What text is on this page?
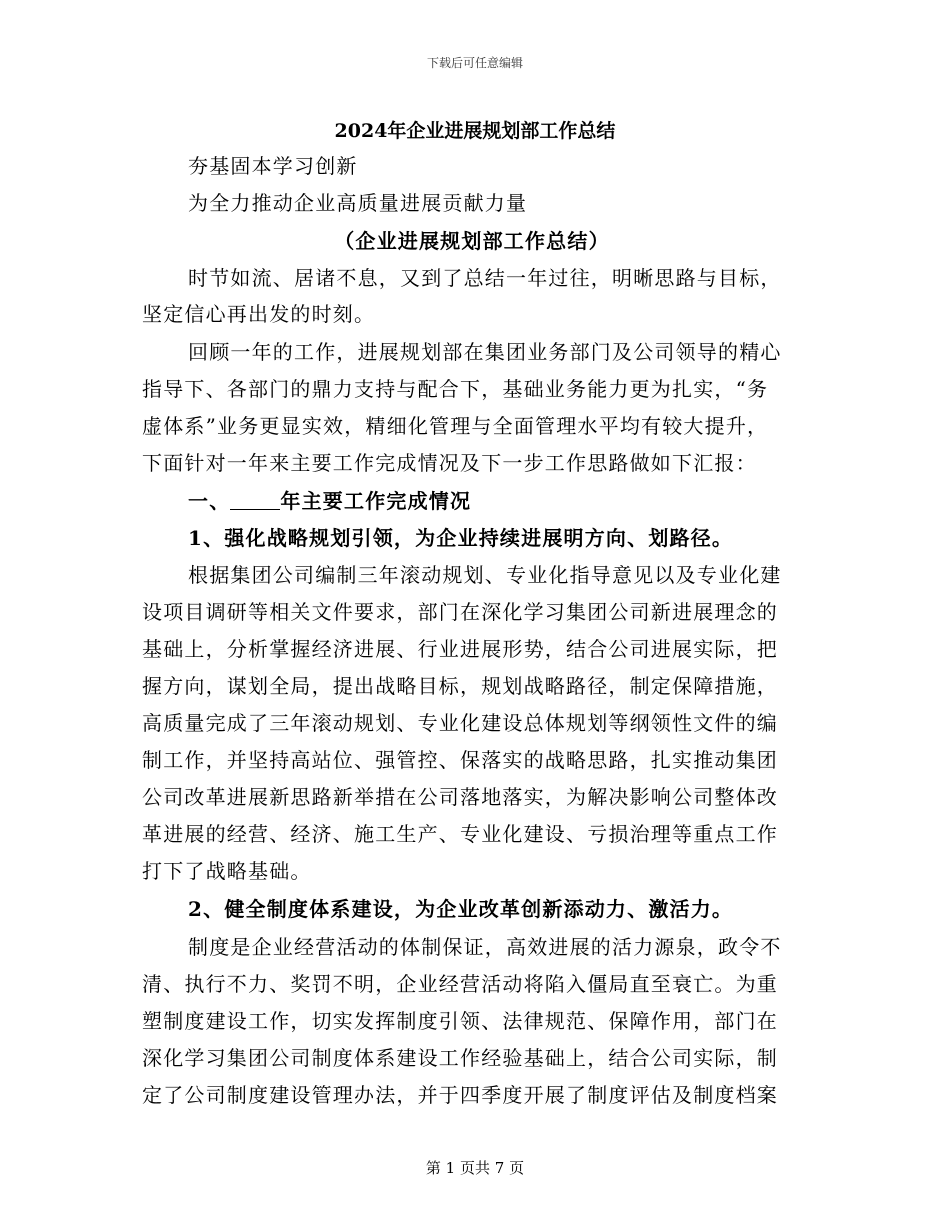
下载后可任意编辑
2024年企业进展规划部工作总结
夯基固本学习创新
为全力推动企业高质量进展贡献力量
（企业进展规划部工作总结）
时节如流、居诸不息，又到了总结一年过往，明晰思路与目标，
坚定信心再出发的时刻。
回顾一年的工作，进展规划部在集团业务部门及公司领导的精心
指导下、各部门的鼎力支持与配合下，基础业务能力更为扎实，“务
虚体系”业务更显实效，精细化管理与全面管理水平均有较大提升，
下面针对一年来主要工作完成情况及下一步工作思路做如下汇报：
一、	年主要工作完成情况
1、强化战略规划引领，为企业持续进展明方向、划路径。
根据集团公司编制三年滚动规划、专业化指导意见以及专业化建
设项目调研等相关文件要求，部门在深化学习集团公司新进展理念的
基础上，分析掌握经济进展、行业进展形势，结合公司进展实际，把
握方向，谋划全局，提出战略目标，规划战略路径，制定保障措施，
高质量完成了三年滚动规划、专业化建设总体规划等纲领性文件的编
制工作，并坚持高站位、强管控、保落实的战略思路，扎实推动集团
公司改革进展新思路新举措在公司落地落实，为解决影响公司整体改
革进展的经营、经济、施工生产、专业化建设、亏损治理等重点工作
打下了战略基础。
2、健全制度体系建设，为企业改革创新添动力、激活力。
制度是企业经营活动的体制保证，高效进展的活力源泉，政令不
清、执行不力、奖罚不明，企业经营活动将陷入僵局直至衰亡。为重
塑制度建设工作，切实发挥制度引领、法律规范、保障作用，部门在
深化学习集团公司制度体系建设工作经验基础上，结合公司实际，制
定了公司制度建设管理办法，并于四季度开展了制度评估及制度档案
第 1 页共 7 页
